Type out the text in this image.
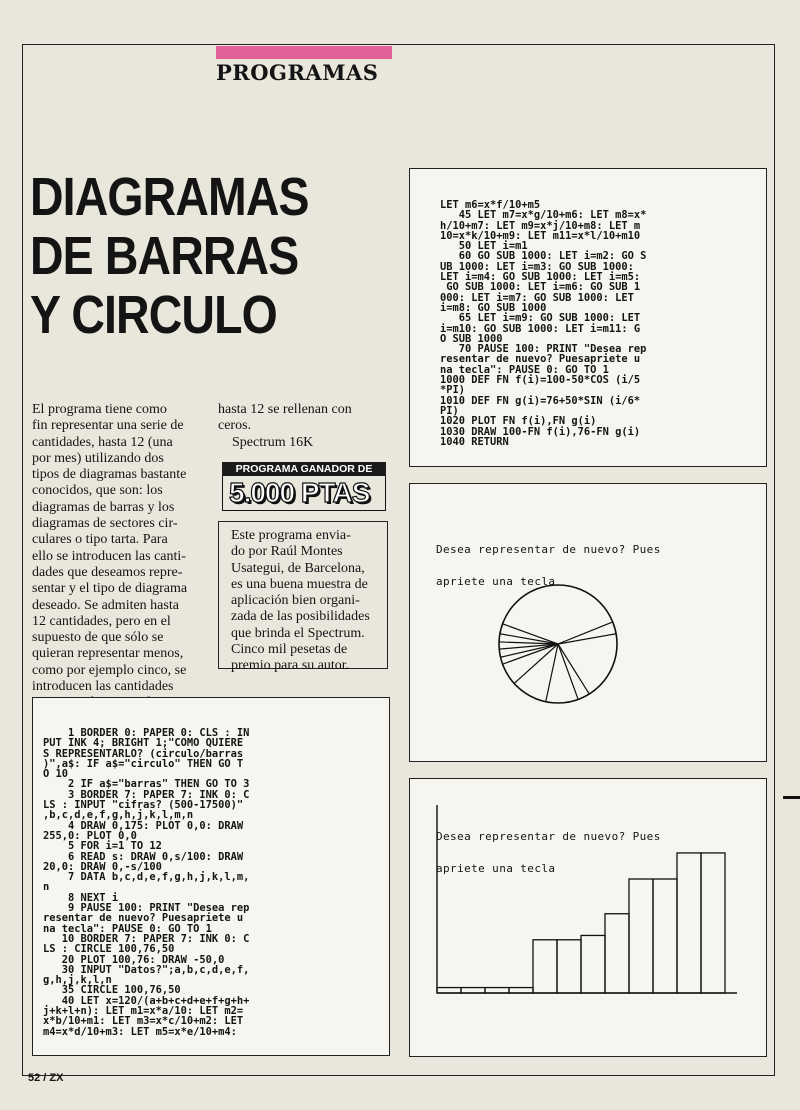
PROGRAMAS
DIAGRAMAS
DE BARRAS
Y CIRCULO
El programa tiene como
fin representar una serie de
cantidades, hasta 12 (una
por mes) utilizando dos
tipos de diagramas bastante
conocidos, que son: los
diagramas de barras y los
diagramas de sectores cir-
culares o tipo tarta. Para
ello se introducen las canti-
dades que deseamos repre-
sentar y el tipo de diagrama
deseado. Se admiten hasta
12 cantidades, pero en el
supuesto de que sólo se
quieran representar menos,
como por ejemplo cinco, se
introducen las cantidades
hasta 12 se rellenan con
ceros.
Spectrum 16K
PROGRAMA GANADOR DE
5.000 PTAS
Este programa envia-
do por Raúl Montes
Usategui, de Barcelona,
es una buena muestra de
aplicación bien organi-
zada de las posibilidades
que brinda el Spectrum.
Cinco mil pesetas de
premio para su autor.
1 BORDER 0: PAPER 0: CLS : IN
PUT INK 4; BRIGHT 1;"COMO QUIERE
S REPRESENTARLO? (circulo/barras
)",a$: IF a$="circulo" THEN GO T
O 10
2 IF a$="barras" THEN GO TO 3
3 BORDER 7: PAPER 7: INK 0: C
LS : INPUT "cifras? (500-17500)"
,b,c,d,e,f,g,h,j,k,l,m,n
4 DRAW 0,175: PLOT 0,0: DRAW
255,0: PLOT 0,0
5 FOR i=1 TO 12
6 READ s: DRAW 0,s/100: DRAW
20,0: DRAW 0,-s/100
7 DATA b,c,d,e,f,g,h,j,k,l,m,
n
8 NEXT i
9 PAUSE 100: PRINT "Desea rep
resentar de nuevo? Puesapriete u
na tecla": PAUSE 0: GO TO 1
10 BORDER 7: PAPER 7: INK 0: C
LS : CIRCLE 100,76,50
20 PLOT 100,76: DRAW -50,0
30 INPUT "Datos?";a,b,c,d,e,f,
g,h,j,k,l,n
35 CIRCLE 100,76,50
40 LET x=120/(a+b+c+d+e+f+g+h+
j+k+l+n): LET m1=x*a/10: LET m2=
x*b/10+m1: LET m3=x*c/10+m2: LET
m4=x*d/10+m3: LET m5=x*e/10+m4:
LET m6=x*f/10+m5
45 LET m7=x*g/10+m6: LET m8=x*
h/10+m7: LET m9=x*j/10+m8: LET m
10=x*k/10+m9: LET m11=x*l/10+m10
50 LET i=m1
60 GO SUB 1000: LET i=m2: GO S
UB 1000: LET i=m3: GO SUB 1000:
LET i=m4: GO SUB 1000: LET i=m5:
GO SUB 1000: LET i=m6: GO SUB 1
000: LET i=m7: GO SUB 1000: LET
i=m8: GO SUB 1000
65 LET i=m9: GO SUB 1000: LET
i=m10: GO SUB 1000: LET i=m11: G
O SUB 1000
70 PAUSE 100: PRINT "Desea rep
resentar de nuevo? Puesapriete u
na tecla": PAUSE 0: GO TO 1
1000 DEF FN f(i)=100-50*COS (i/5
*PI)
1010 DEF FN g(i)=76+50*SIN (i/6*
PI)
1020 PLOT FN f(i),FN g(i)
1030 DRAW 100-FN f(i),76-FN g(i)
1040 RETURN

Desea representar de nuevo? Pues

apriete una tecla

Desea representar de nuevo? Pues

apriete una tecla

52 / ZX
